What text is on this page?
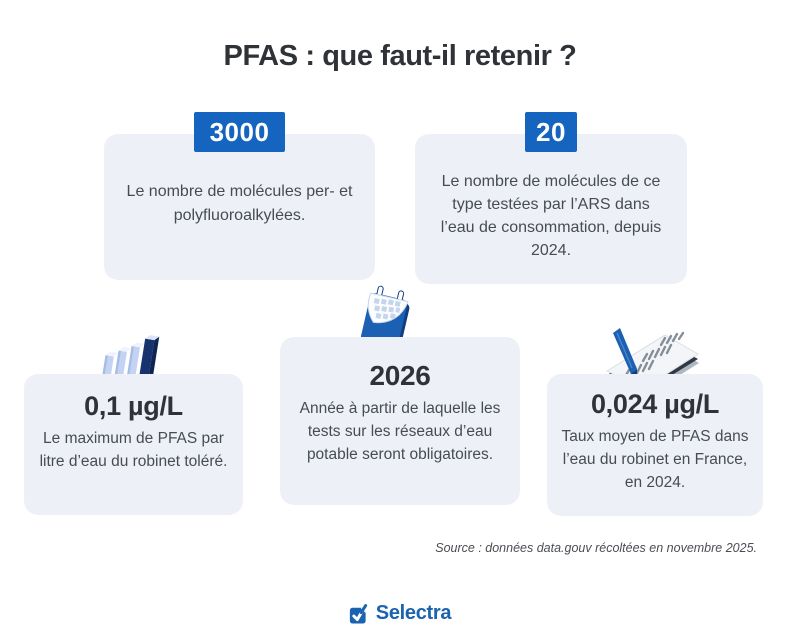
PFAS : que faut-il retenir ?

Le nombre de molécules per- et polyfluoroalkylées.

3000

Le nombre de molécules de ce type testées par l’ARS dans l’eau de consommation, depuis 2024.

20
0,1 µg/L

Le maximum de PFAS par litre d’eau du robinet toléré.

2026

Année à partir de laquelle les tests sur les réseaux d’eau potable seront obligatoires.

0,024 µg/L

Taux moyen de PFAS dans l’eau du robinet en France, en 2024.

Source : données data.gouv récoltées en novembre 2025.

Selectra
